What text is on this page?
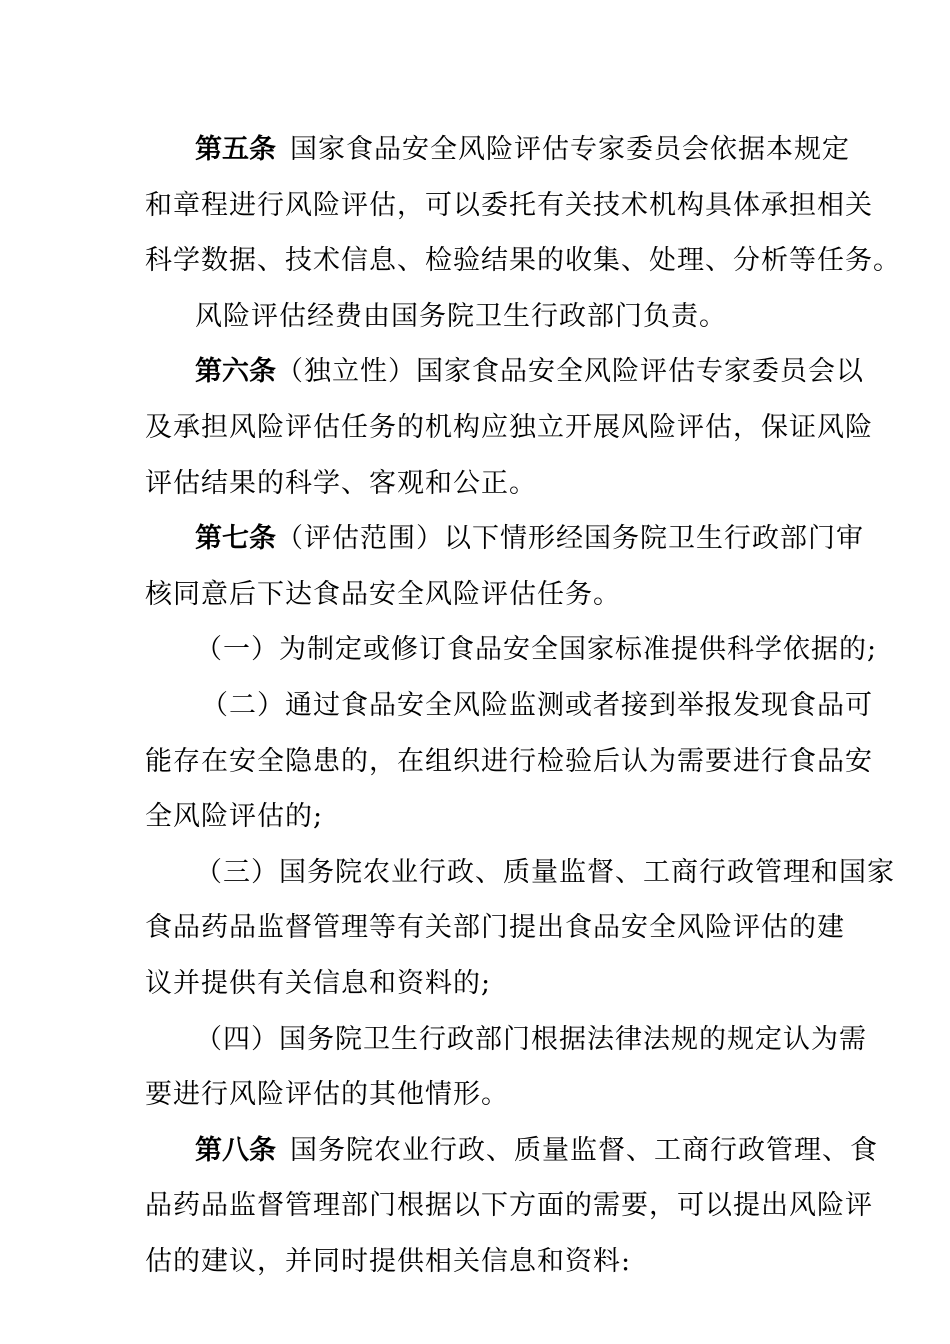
第五条 国家食品安全风险评估专家委员会依据本规定
和章程进行风险评估，可以委托有关技术机构具体承担相关
科学数据、技术信息、检验结果的收集、处理、分析等任务。
风险评估经费由国务院卫生行政部门负责。
第六条（独立性）国家食品安全风险评估专家委员会以
及承担风险评估任务的机构应独立开展风险评估，保证风险
评估结果的科学、客观和公正。
第七条（评估范围）以下情形经国务院卫生行政部门审
核同意后下达食品安全风险评估任务。
（一）为制定或修订食品安全国家标准提供科学依据的;
（二）通过食品安全风险监测或者接到举报发现食品可
能存在安全隐患的，在组织进行检验后认为需要进行食品安
全风险评估的;
（三）国务院农业行政、质量监督、工商行政管理和国家
食品药品监督管理等有关部门提出食品安全风险评估的建
议并提供有关信息和资料的;
（四）国务院卫生行政部门根据法律法规的规定认为需
要进行风险评估的其他情形。
第八条 国务院农业行政、质量监督、工商行政管理、食
品药品监督管理部门根据以下方面的需要，可以提出风险评
估的建议，并同时提供相关信息和资料:
